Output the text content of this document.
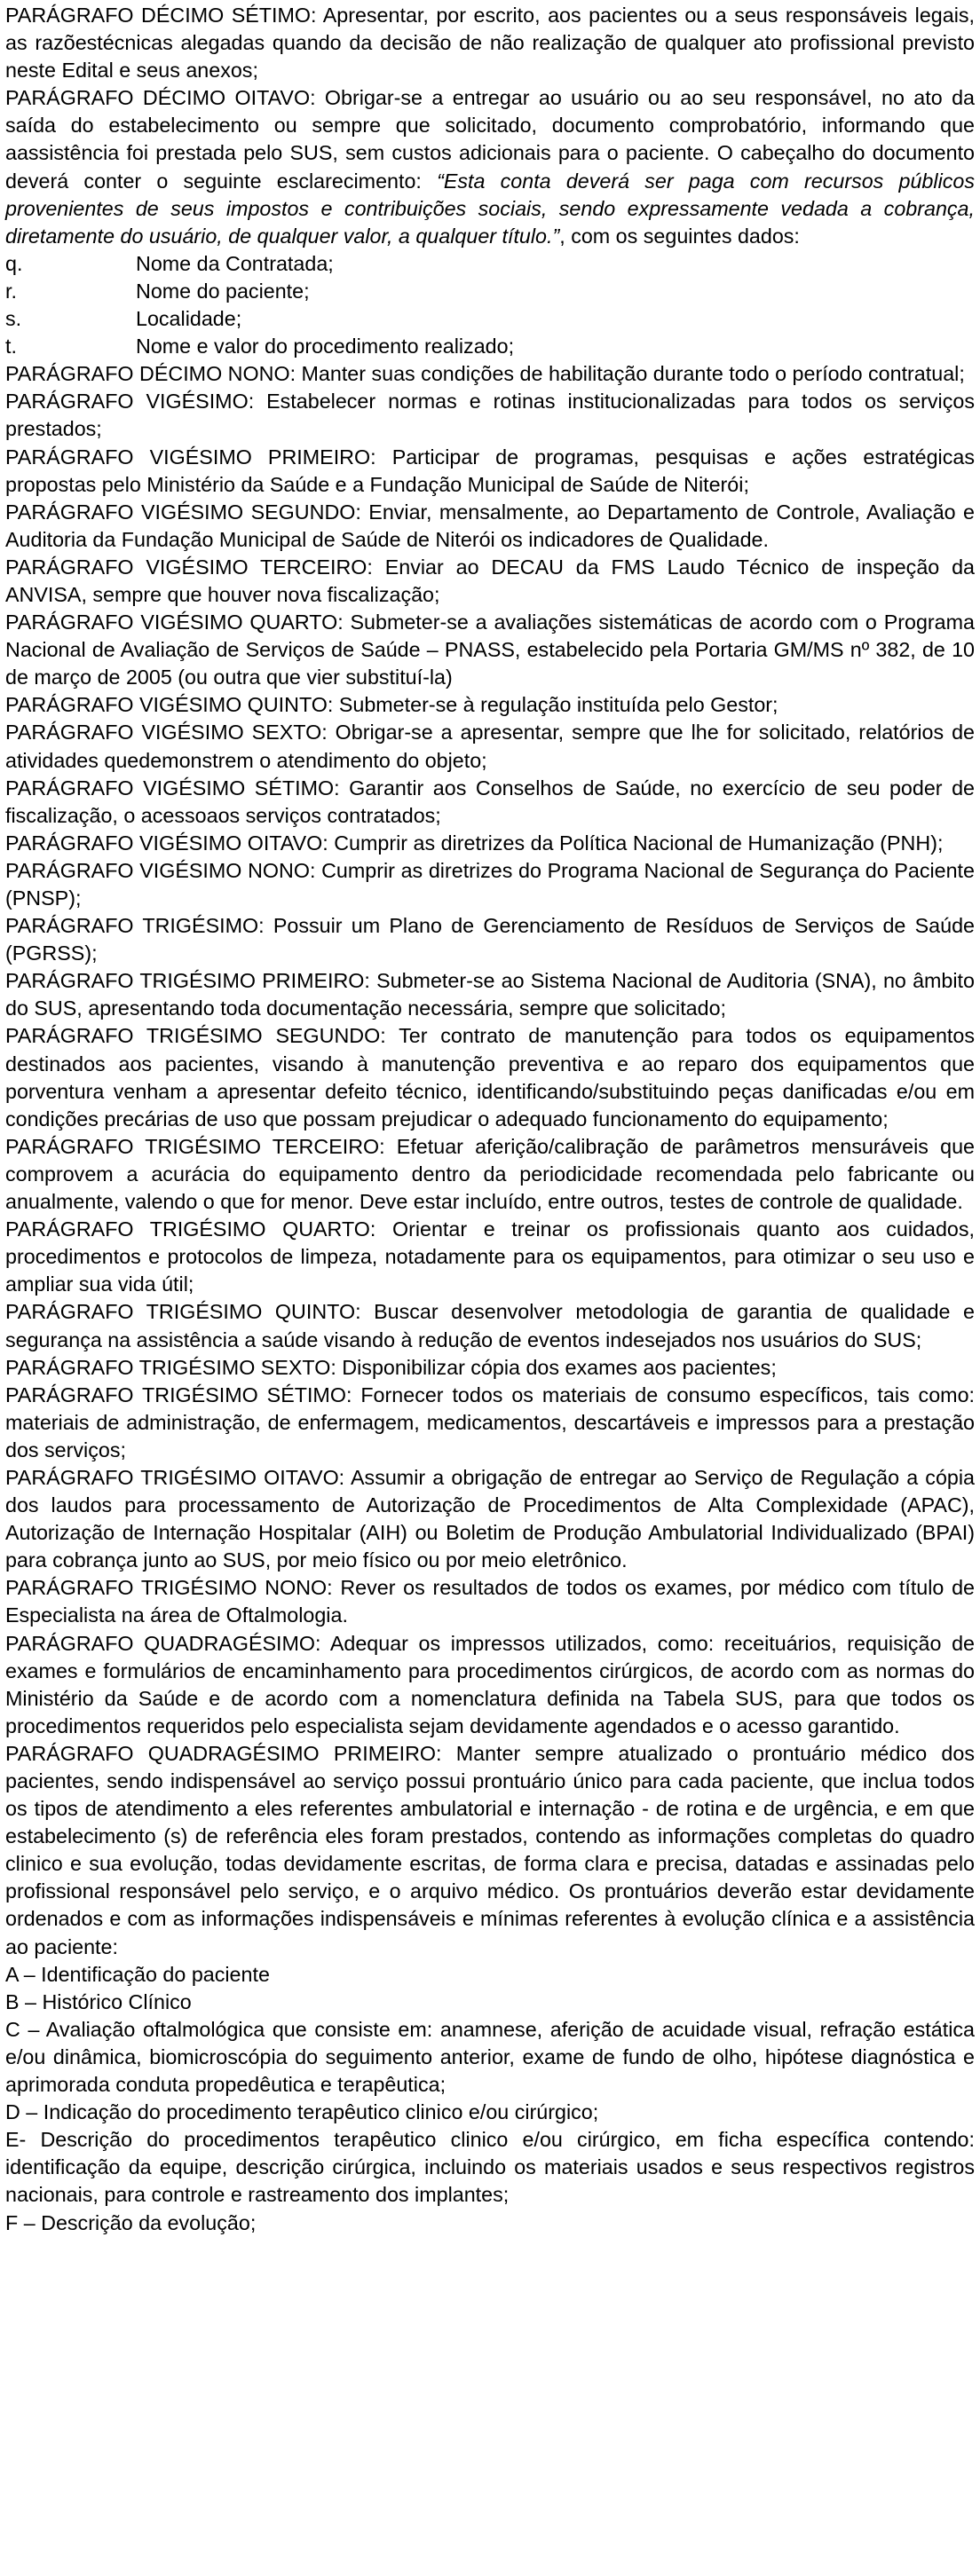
PARÁGRAFO DÉCIMO SÉTIMO: Apresentar, por escrito, aos pacientes ou a seus responsáveis legais, as razõestécnicas alegadas quando da decisão de não realização de qualquer ato profissional previsto neste Edital e seus anexos;

PARÁGRAFO DÉCIMO OITAVO: Obrigar-se a entregar ao usuário ou ao seu responsável, no ato da saída do estabelecimento ou sempre que solicitado, documento comprobatório, informando que aassistência foi prestada pelo SUS, sem custos adicionais para o paciente. O cabeçalho do documento deverá conter o seguinte esclarecimento: “Esta conta deverá ser paga com recursos públicos provenientes de seus impostos e contribuições sociais, sendo expressamente vedada a cobrança, diretamente do usuário, de qualquer valor, a qualquer título.”, com os seguintes dados:

q.	Nome da Contratada;
r.	Nome do paciente;
s.	Localidade;
t.	Nome e valor do procedimento realizado;

PARÁGRAFO DÉCIMO NONO: Manter suas condições de habilitação durante todo o período contratual;

PARÁGRAFO VIGÉSIMO: Estabelecer normas e rotinas institucionalizadas para todos os serviços prestados;

PARÁGRAFO VIGÉSIMO PRIMEIRO: Participar de programas, pesquisas e ações estratégicas propostas pelo Ministério da Saúde e a Fundação Municipal de Saúde de Niterói;

PARÁGRAFO VIGÉSIMO SEGUNDO: Enviar, mensalmente, ao Departamento de Controle, Avaliação e Auditoria da Fundação Municipal de Saúde de Niterói os indicadores de Qualidade.

PARÁGRAFO VIGÉSIMO TERCEIRO: Enviar ao DECAU da FMS Laudo Técnico de inspeção da ANVISA, sempre que houver nova fiscalização;

PARÁGRAFO VIGÉSIMO QUARTO: Submeter-se a avaliações sistemáticas de acordo com o Programa Nacional de Avaliação de Serviços de Saúde – PNASS, estabelecido pela Portaria GM/MS nº 382, de 10 de março de 2005 (ou outra que vier substituí-la)

PARÁGRAFO VIGÉSIMO QUINTO: Submeter-se à regulação instituída pelo Gestor;

PARÁGRAFO VIGÉSIMO SEXTO: Obrigar-se a apresentar, sempre que lhe for solicitado, relatórios de atividades quedemonstrem o atendimento do objeto;

PARÁGRAFO VIGÉSIMO SÉTIMO: Garantir aos Conselhos de Saúde, no exercício de seu poder de fiscalização, o acessoaos serviços contratados;

PARÁGRAFO VIGÉSIMO OITAVO: Cumprir as diretrizes da Política Nacional de Humanização (PNH);

PARÁGRAFO VIGÉSIMO NONO: Cumprir as diretrizes do Programa Nacional de Segurança do Paciente (PNSP);

PARÁGRAFO TRIGÉSIMO: Possuir um Plano de Gerenciamento de Resíduos de Serviços de Saúde (PGRSS);

PARÁGRAFO TRIGÉSIMO PRIMEIRO: Submeter-se ao Sistema Nacional de Auditoria (SNA), no âmbito do SUS, apresentando toda documentação necessária, sempre que solicitado;

PARÁGRAFO TRIGÉSIMO SEGUNDO: Ter contrato de manutenção para todos os equipamentos destinados aos pacientes, visando à manutenção preventiva e ao reparo dos equipamentos que porventura venham a apresentar defeito técnico, identificando/substituindo peças danificadas e/ou em condições precárias de uso que possam prejudicar o adequado funcionamento do equipamento;

PARÁGRAFO TRIGÉSIMO TERCEIRO: Efetuar aferição/calibração de parâmetros mensuráveis que comprovem a acurácia do equipamento dentro da periodicidade recomendada pelo fabricante ou anualmente, valendo o que for menor. Deve estar incluído, entre outros, testes de controle de qualidade.

PARÁGRAFO TRIGÉSIMO QUARTO: Orientar e treinar os profissionais quanto aos cuidados, procedimentos e protocolos de limpeza, notadamente para os equipamentos, para otimizar o seu uso e ampliar sua vida útil;

PARÁGRAFO TRIGÉSIMO QUINTO: Buscar desenvolver metodologia de garantia de qualidade e segurança na assistência a saúde visando à redução de eventos indesejados nos usuários do SUS;

PARÁGRAFO TRIGÉSIMO SEXTO: Disponibilizar cópia dos exames aos pacientes;

PARÁGRAFO TRIGÉSIMO SÉTIMO: Fornecer todos os materiais de consumo específicos, tais como: materiais de administração, de enfermagem, medicamentos, descartáveis e impressos para a prestação dos serviços;

PARÁGRAFO TRIGÉSIMO OITAVO: Assumir a obrigação de entregar ao Serviço de Regulação a cópia dos laudos para processamento de Autorização de Procedimentos de Alta Complexidade (APAC), Autorização de Internação Hospitalar (AIH) ou Boletim de Produção Ambulatorial Individualizado (BPAI) para cobrança junto ao SUS, por meio físico ou por meio eletrônico.

PARÁGRAFO TRIGÉSIMO NONO: Rever os resultados de todos os exames, por médico com título de Especialista na área de Oftalmologia.

PARÁGRAFO QUADRAGÉSIMO: Adequar os impressos utilizados, como: receituários, requisição de exames e formulários de encaminhamento para procedimentos cirúrgicos, de acordo com as normas do Ministério da Saúde e de acordo com a nomenclatura definida na Tabela SUS, para que todos os procedimentos requeridos pelo especialista sejam devidamente agendados e o acesso garantido.

PARÁGRAFO QUADRAGÉSIMO PRIMEIRO: Manter sempre atualizado o prontuário médico dos pacientes, sendo indispensável ao serviço possui prontuário único para cada paciente, que inclua todos os tipos de atendimento a eles referentes ambulatorial e internação - de rotina e de urgência, e em que estabelecimento (s) de referência eles foram prestados, contendo as informações completas do quadro clinico e sua evolução, todas devidamente escritas, de forma clara e precisa, datadas e assinadas pelo profissional responsável pelo serviço, e o arquivo médico. Os prontuários deverão estar devidamente ordenados e com as informações indispensáveis e mínimas referentes à evolução clínica e a assistência ao paciente:

A – Identificação do paciente

B – Histórico Clínico

C – Avaliação oftalmológica que consiste em: anamnese, aferição de acuidade visual, refração estática e/ou dinâmica, biomicroscópia do seguimento anterior, exame de fundo de olho, hipótese diagnóstica e aprimorada conduta propedêutica e terapêutica;

D – Indicação do procedimento terapêutico clinico e/ou cirúrgico;

E- Descrição do procedimentos terapêutico clinico e/ou cirúrgico, em ficha específica contendo: identificação da equipe, descrição cirúrgica, incluindo os materiais usados e seus respectivos registros nacionais, para controle e rastreamento dos implantes;

F – Descrição da evolução;
